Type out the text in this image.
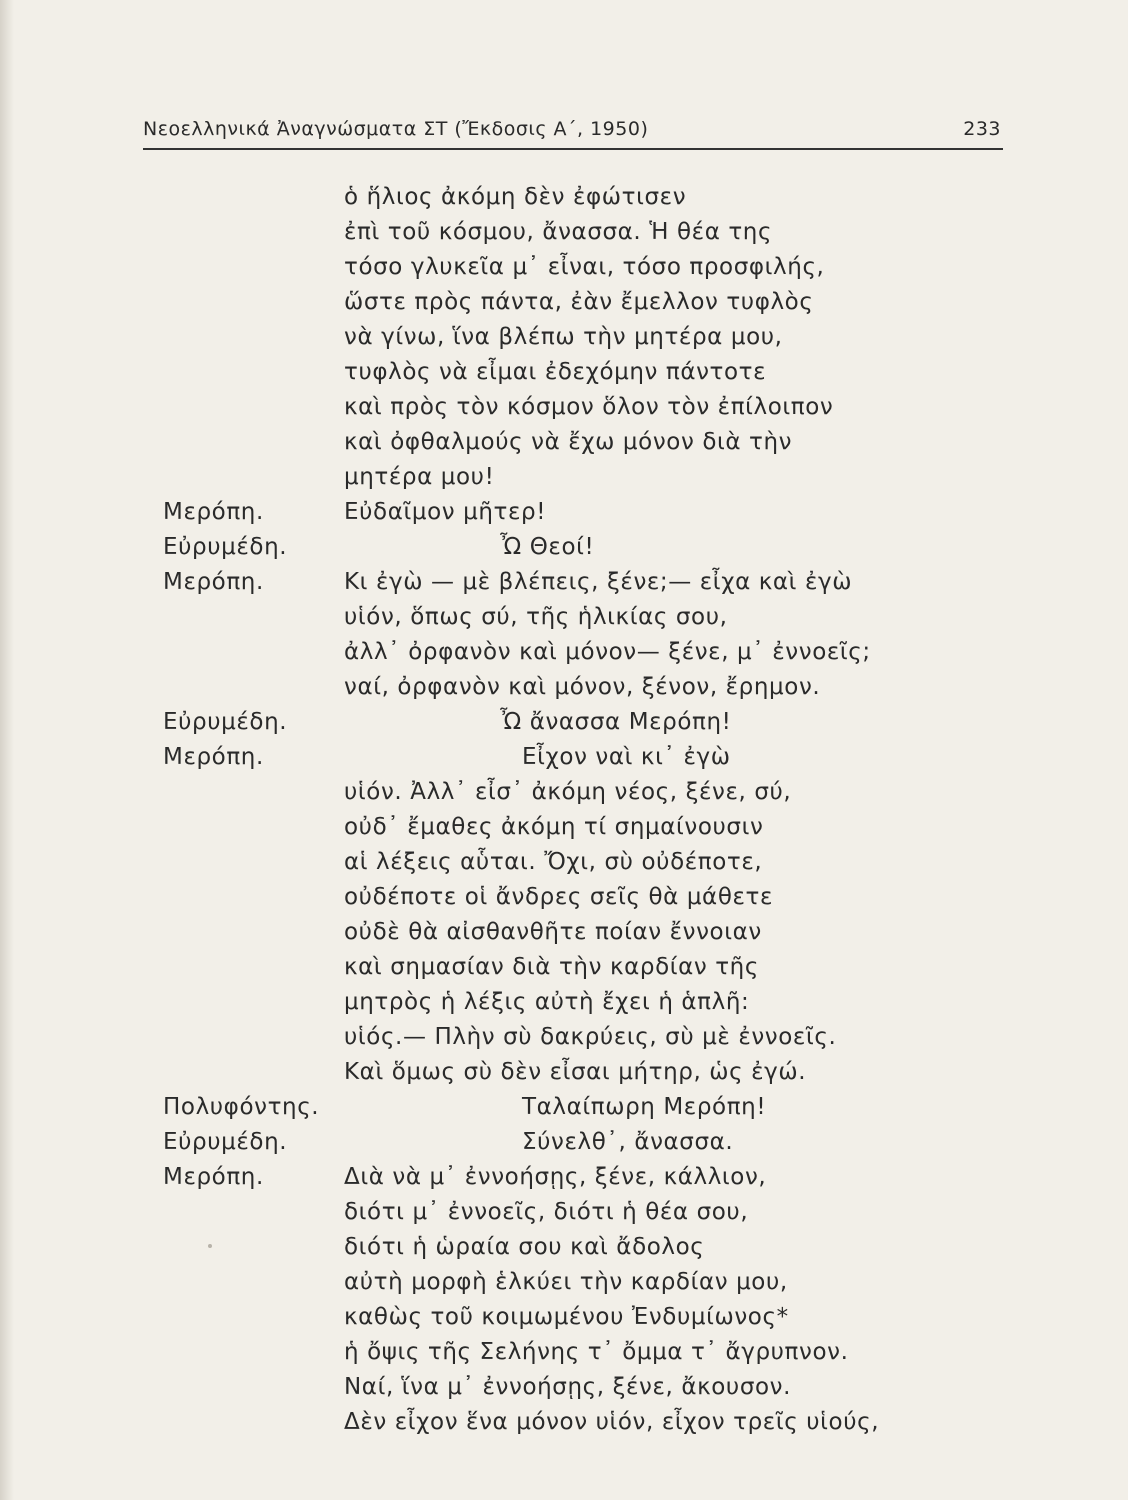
Νεοελληνικά Ἀναγνώσματα ΣΤ (Ἔκδοσις Α΄, 1950)	233
ὁ ἥλιος ἀκόμη δὲν ἐφώτισεν
ἐπὶ τοῦ κόσμου, ἄνασσα. Ἡ θέα της
τόσο γλυκεῖα μ᾽ εἶναι, τόσο προσφιλής,
ὥστε πρὸς πάντα, ἐὰν ἔμελλον τυφλὸς
νὰ γίνω, ἵνα βλέπω τὴν μητέρα μου,
τυφλὸς νὰ εἶμαι ἐδεχόμην πάντοτε
καὶ πρὸς τὸν κόσμον ὅλον τὸν ἐπίλοιπον
καὶ ὀφθαλμούς νὰ ἔχω μόνον διὰ τὴν
μητέρα μου!
Μερόπη.	Εὐδαῖμον μῆτερ!
Εὐρυμέδη.	Ὦ Θεοί!
Μερόπη.	Κι ἐγὼ — μὲ βλέπεις, ξένε;— εἶχα καὶ ἐγὼ
υἱόν, ὅπως σύ, τῆς ἡλικίας σου,
ἀλλ᾽ ὀρφανὸν καὶ μόνον— ξένε, μ᾽ ἐννοεῖς;
ναί, ὀρφανὸν καὶ μόνον, ξένον, ἔρημον.
Εὐρυμέδη.	Ὦ ἄνασσα Μερόπη!
Μερόπη.	Εἶχον ναὶ κι᾽ ἐγὼ
υἱόν. Ἀλλ᾽ εἶσ᾽ ἀκόμη νέος, ξένε, σύ,
οὐδ᾽ ἔμαθες ἀκόμη τί σημαίνουσιν
αἱ λέξεις αὗται. Ὄχι, σὺ οὐδέποτε,
οὐδέποτε οἱ ἄνδρες σεῖς θὰ μάθετε
οὐδὲ θὰ αἰσθανθῆτε ποίαν ἔννοιαν
καὶ σημασίαν διὰ τὴν καρδίαν τῆς
μητρὸς ἡ λέξις αὐτὴ ἔχει ἡ ἁπλῆ:
υἱός.— Πλὴν σὺ δακρύεις, σὺ μὲ ἐννοεῖς.
Καὶ ὅμως σὺ δὲν εἶσαι μήτηρ, ὡς ἐγώ.
Πολυφόντης.	Ταλαίπωρη Μερόπη!
Εὐρυμέδη.	Σύνελθ᾽, ἄνασσα.
Μερόπη.	Διὰ νὰ μ᾽ ἐννοήσῃς, ξένε, κάλλιον,
διότι μ᾽ ἐννοεῖς, διότι ἡ θέα σου,
διότι ἡ ὡραία σου καὶ ἄδολος
αὐτὴ μορφὴ ἑλκύει τὴν καρδίαν μου,
καθὼς τοῦ κοιμωμένου Ἐνδυμίωνος*
ἡ ὄψις τῆς Σελήνης τ᾽ ὄμμα τ᾽ ἄγρυπνον.
Ναί, ἵνα μ᾽ ἐννοήσῃς, ξένε, ἄκουσον.
Δὲν εἶχον ἕνα μόνον υἱόν, εἶχον τρεῖς υἱούς,
